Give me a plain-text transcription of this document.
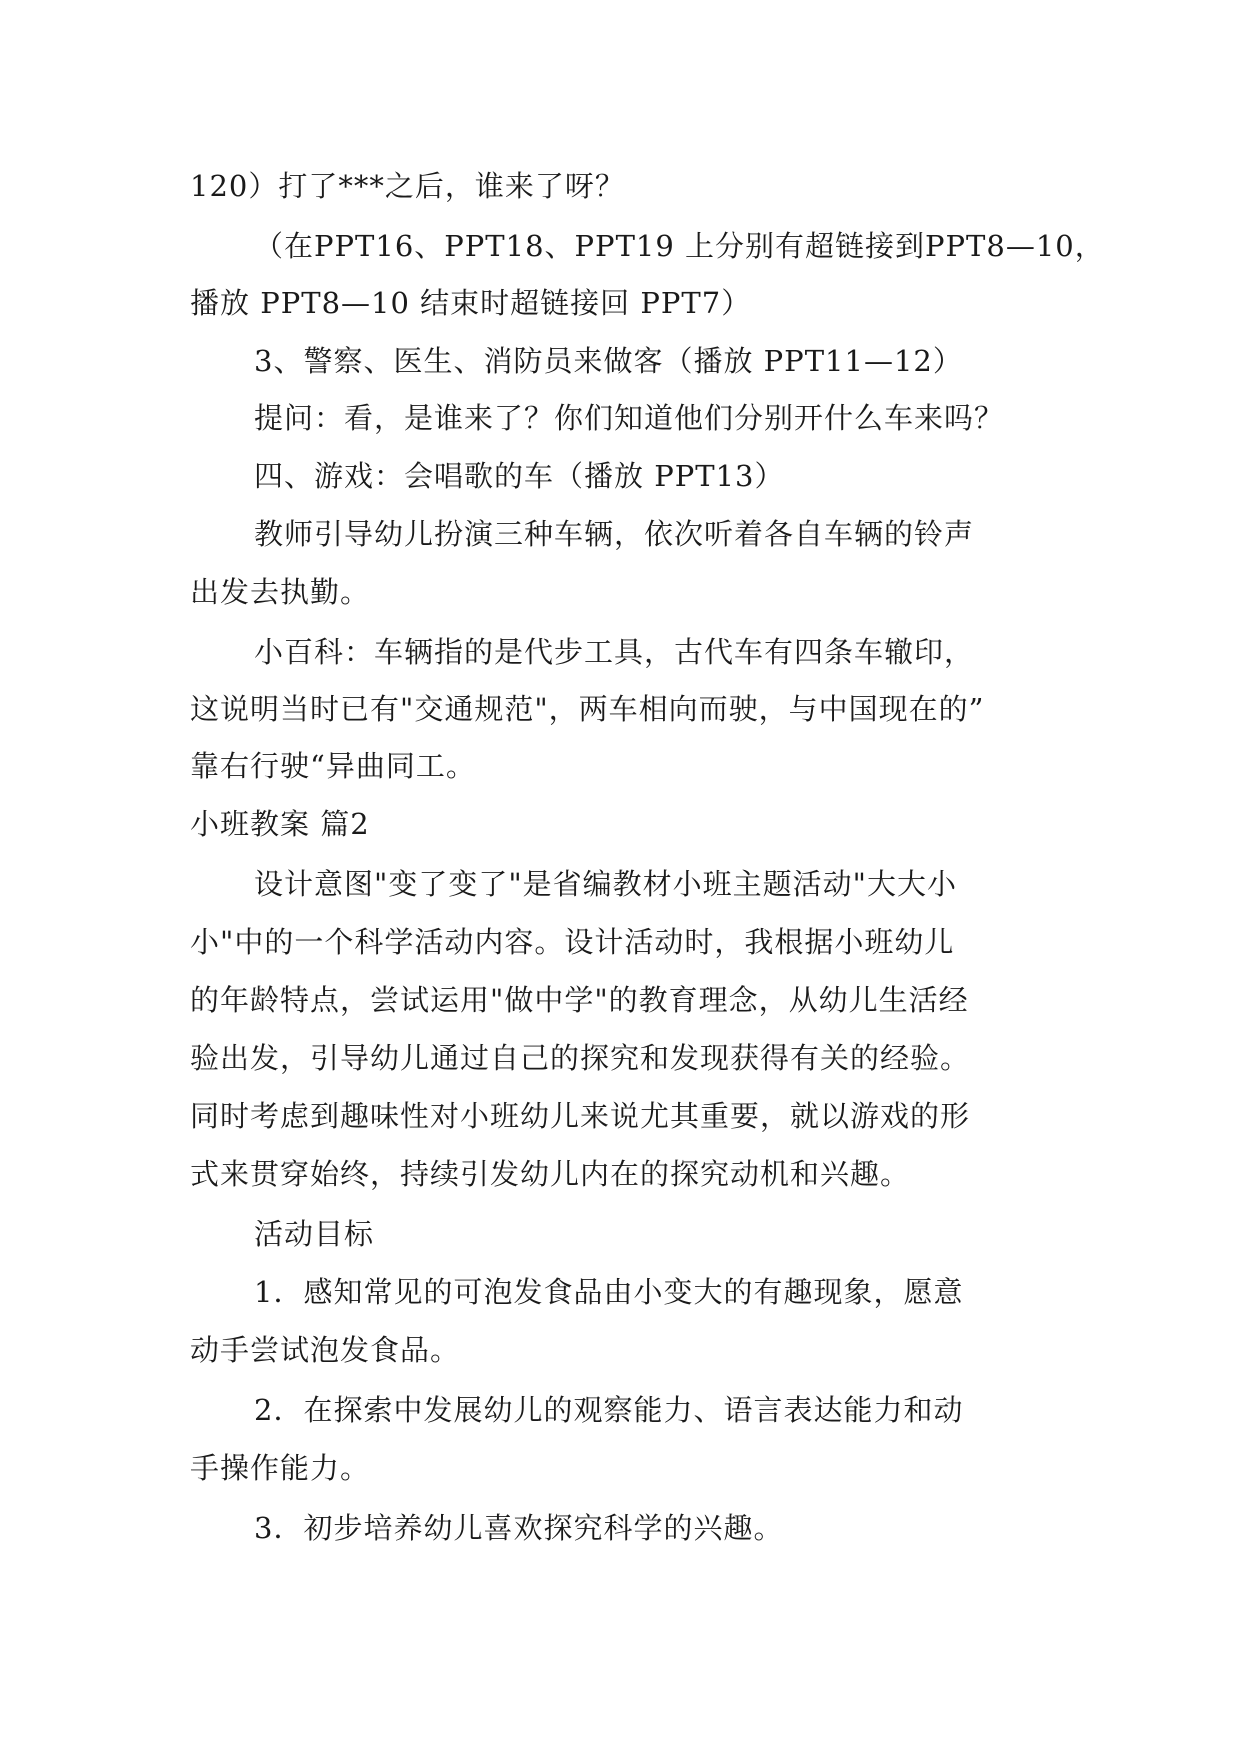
120）打了***之后，谁来了呀？
（在PPT16、PPT18、PPT19 上分别有超链接到PPT8—10，
播放 PPT8—10 结束时超链接回 PPT7）
3、警察、医生、消防员来做客（播放 PPT11—12）
提问：看，是谁来了？你们知道他们分别开什么车来吗？
四、游戏：会唱歌的车（播放 PPT13）
教师引导幼儿扮演三种车辆，依次听着各自车辆的铃声
出发去执勤。
小百科：车辆指的是代步工具，古代车有四条车辙印，
这说明当时已有"交通规范"，两车相向而驶，与中国现在的”
靠右行驶“异曲同工。
小班教案 篇2
设计意图"变了变了"是省编教材小班主题活动"大大小
小"中的一个科学活动内容。设计活动时，我根据小班幼儿
的年龄特点，尝试运用"做中学"的教育理念，从幼儿生活经
验出发，引导幼儿通过自己的探究和发现获得有关的经验。
同时考虑到趣味性对小班幼儿来说尤其重要，就以游戏的形
式来贯穿始终，持续引发幼儿内在的探究动机和兴趣。
活动目标
1．感知常见的可泡发食品由小变大的有趣现象，愿意
动手尝试泡发食品。
2．在探索中发展幼儿的观察能力、语言表达能力和动
手操作能力。
3．初步培养幼儿喜欢探究科学的兴趣。
